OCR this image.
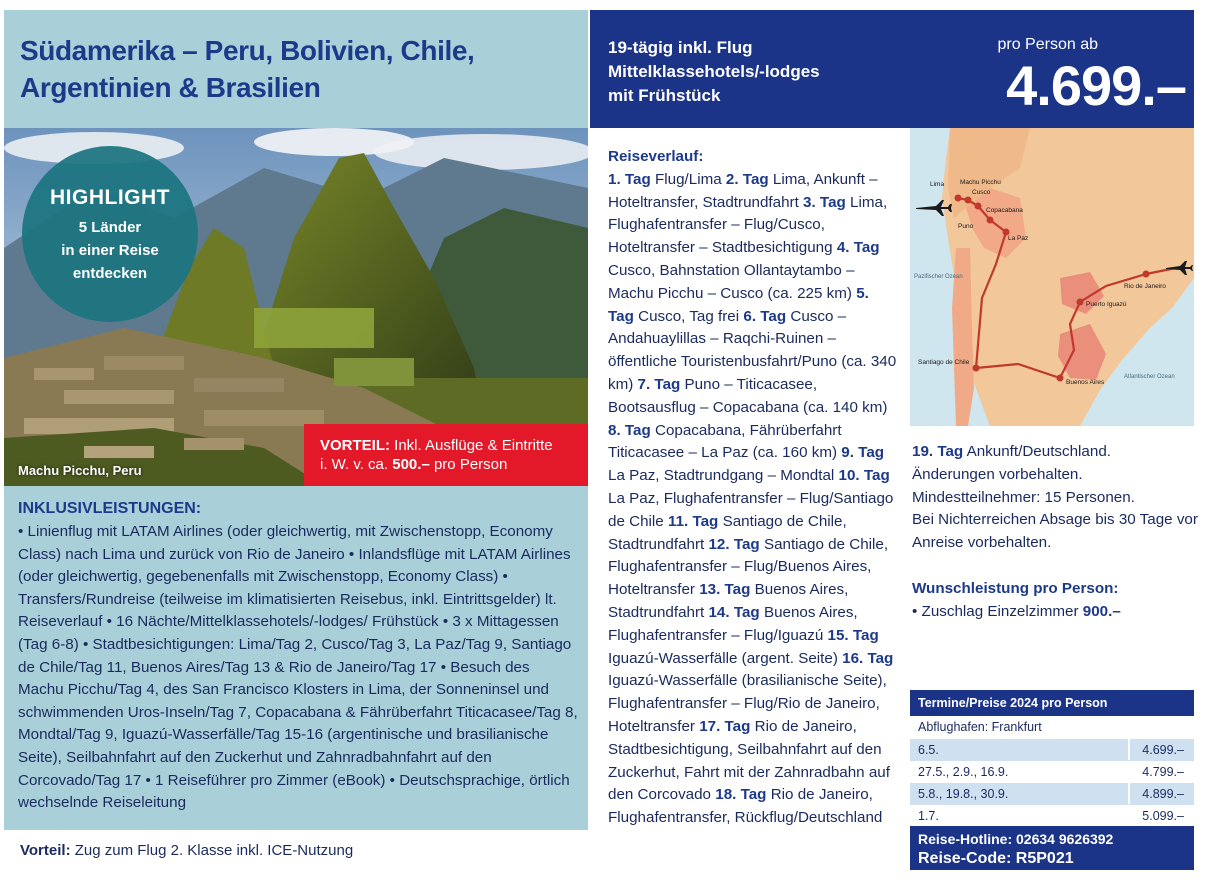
Südamerika – Peru, Bolivien, Chile,
Argentinien & Brasilien
HIGHLIGHT
5 Länder
in einer Reise
entdecken
Machu Picchu, Peru
VORTEIL: Inkl. Ausflüge & Eintritte
i. W. v. ca. 500.– pro Person
INKLUSIVLEISTUNGEN:
• Linienflug mit LATAM Airlines (oder gleichwertig, mit Zwischenstopp, Economy Class) nach Lima und zurück von Rio de Janeiro • Inlandsflüge mit LATAM Airlines (oder gleichwertig, gegebenenfalls mit Zwischenstopp, Economy Class) • Transfers/Rundreise (teilweise im klimatisierten Reisebus, inkl. Eintrittsgelder) lt. Reiseverlauf • 16 Nächte/Mittelklassehotels/-lodges/ Frühstück • 3 x Mittagessen (Tag 6-8) • Stadtbesichtigungen: Lima/Tag 2, Cusco/Tag 3, La Paz/Tag 9, Santiago de Chile/Tag 11, Buenos Aires/Tag 13 & Rio de Janeiro/Tag 17 • Besuch des Machu Picchu/Tag 4, des San Francisco Klosters in Lima, der Sonneninsel und schwimmenden Uros-Inseln/Tag 7, Copacabana & Fährüberfahrt Titicacasee/Tag 8, Mondtal/Tag 9, Iguazú-Wasserfälle/Tag 15-16 (argentinische und brasilianische Seite), Seilbahnfahrt auf den Zuckerhut und Zahnradbahnfahrt auf den Corcovado/Tag 17 • 1 Reiseführer pro Zimmer (eBook) • Deutschsprachige, örtlich wechselnde Reiseleitung
Vorteil: Zug zum Flug 2. Klasse inkl. ICE-Nutzung
19-tägig inkl. Flug
Mittelklassehotels/-lodges
mit Frühstück
pro Person ab
4.699.–
Reiseverlauf:
1. Tag Flug/Lima 2. Tag Lima, Ankunft – Hoteltransfer, Stadtrundfahrt 3. Tag Lima, Flughafentransfer – Flug/Cusco, Hoteltransfer – Stadtbesichtigung 4. Tag Cusco, Bahnstation Ollantaytambo – Machu Picchu – Cusco (ca. 225 km) 5. Tag Cusco, Tag frei 6. Tag Cusco – Andahuaylillas – Raqchi-Ruinen – öffentliche Touristenbusfahrt/Puno (ca. 340 km) 7. Tag Puno – Titicacasee, Bootsausflug – Copacabana (ca. 140 km) 8. Tag Copacabana, Fährüberfahrt Titicacasee – La Paz (ca. 160 km) 9. Tag La Paz, Stadtrundgang – Mondtal 10. Tag La Paz, Flughafentransfer – Flug/Santiago de Chile 11. Tag Santiago de Chile, Stadtrundfahrt 12. Tag Santiago de Chile, Flughafentransfer – Flug/Buenos Aires, Hoteltransfer 13. Tag Buenos Aires, Stadtrundfahrt 14. Tag Buenos Aires, Flughafentransfer – Flug/Iguazú 15. Tag Iguazú-Wasserfälle (argent. Seite) 16. Tag Iguazú-Wasserfälle (brasilianische Seite), Flughafentransfer – Flug/Rio de Janeiro, Hoteltransfer 17. Tag Rio de Janeiro, Stadtbesichtigung, Seilbahnfahrt auf den Zuckerhut, Fahrt mit der Zahnradbahn auf den Corcovado 18. Tag Rio de Janeiro, Flughafentransfer, Rückflug/Deutschland
Lima Machu Picchu
Cusco
Copacabana
Puno
La Paz
Santiago de Chile
Buenos Aires
Puerto Iguazú
Rio de Janeiro
Pazifischer Ozean
Atlantischer Ozean
19. Tag Ankunft/Deutschland.
Änderungen vorbehalten.
Mindestteilnehmer: 15 Personen.
Bei Nichterreichen Absage bis 30 Tage vor Anreise vorbehalten.
Wunschleistung pro Person:
• Zuschlag Einzelzimmer 900.–
Termine/Preise 2024 pro Person
Abflughafen: Frankfurt
6.5.	4.699.–
27.5., 2.9., 16.9.	4.799.–
5.8., 19.8., 30.9.	4.899.–
1.7.	5.099.–
Reise-Hotline: 02634 9626392
Reise-Code: R5P021
